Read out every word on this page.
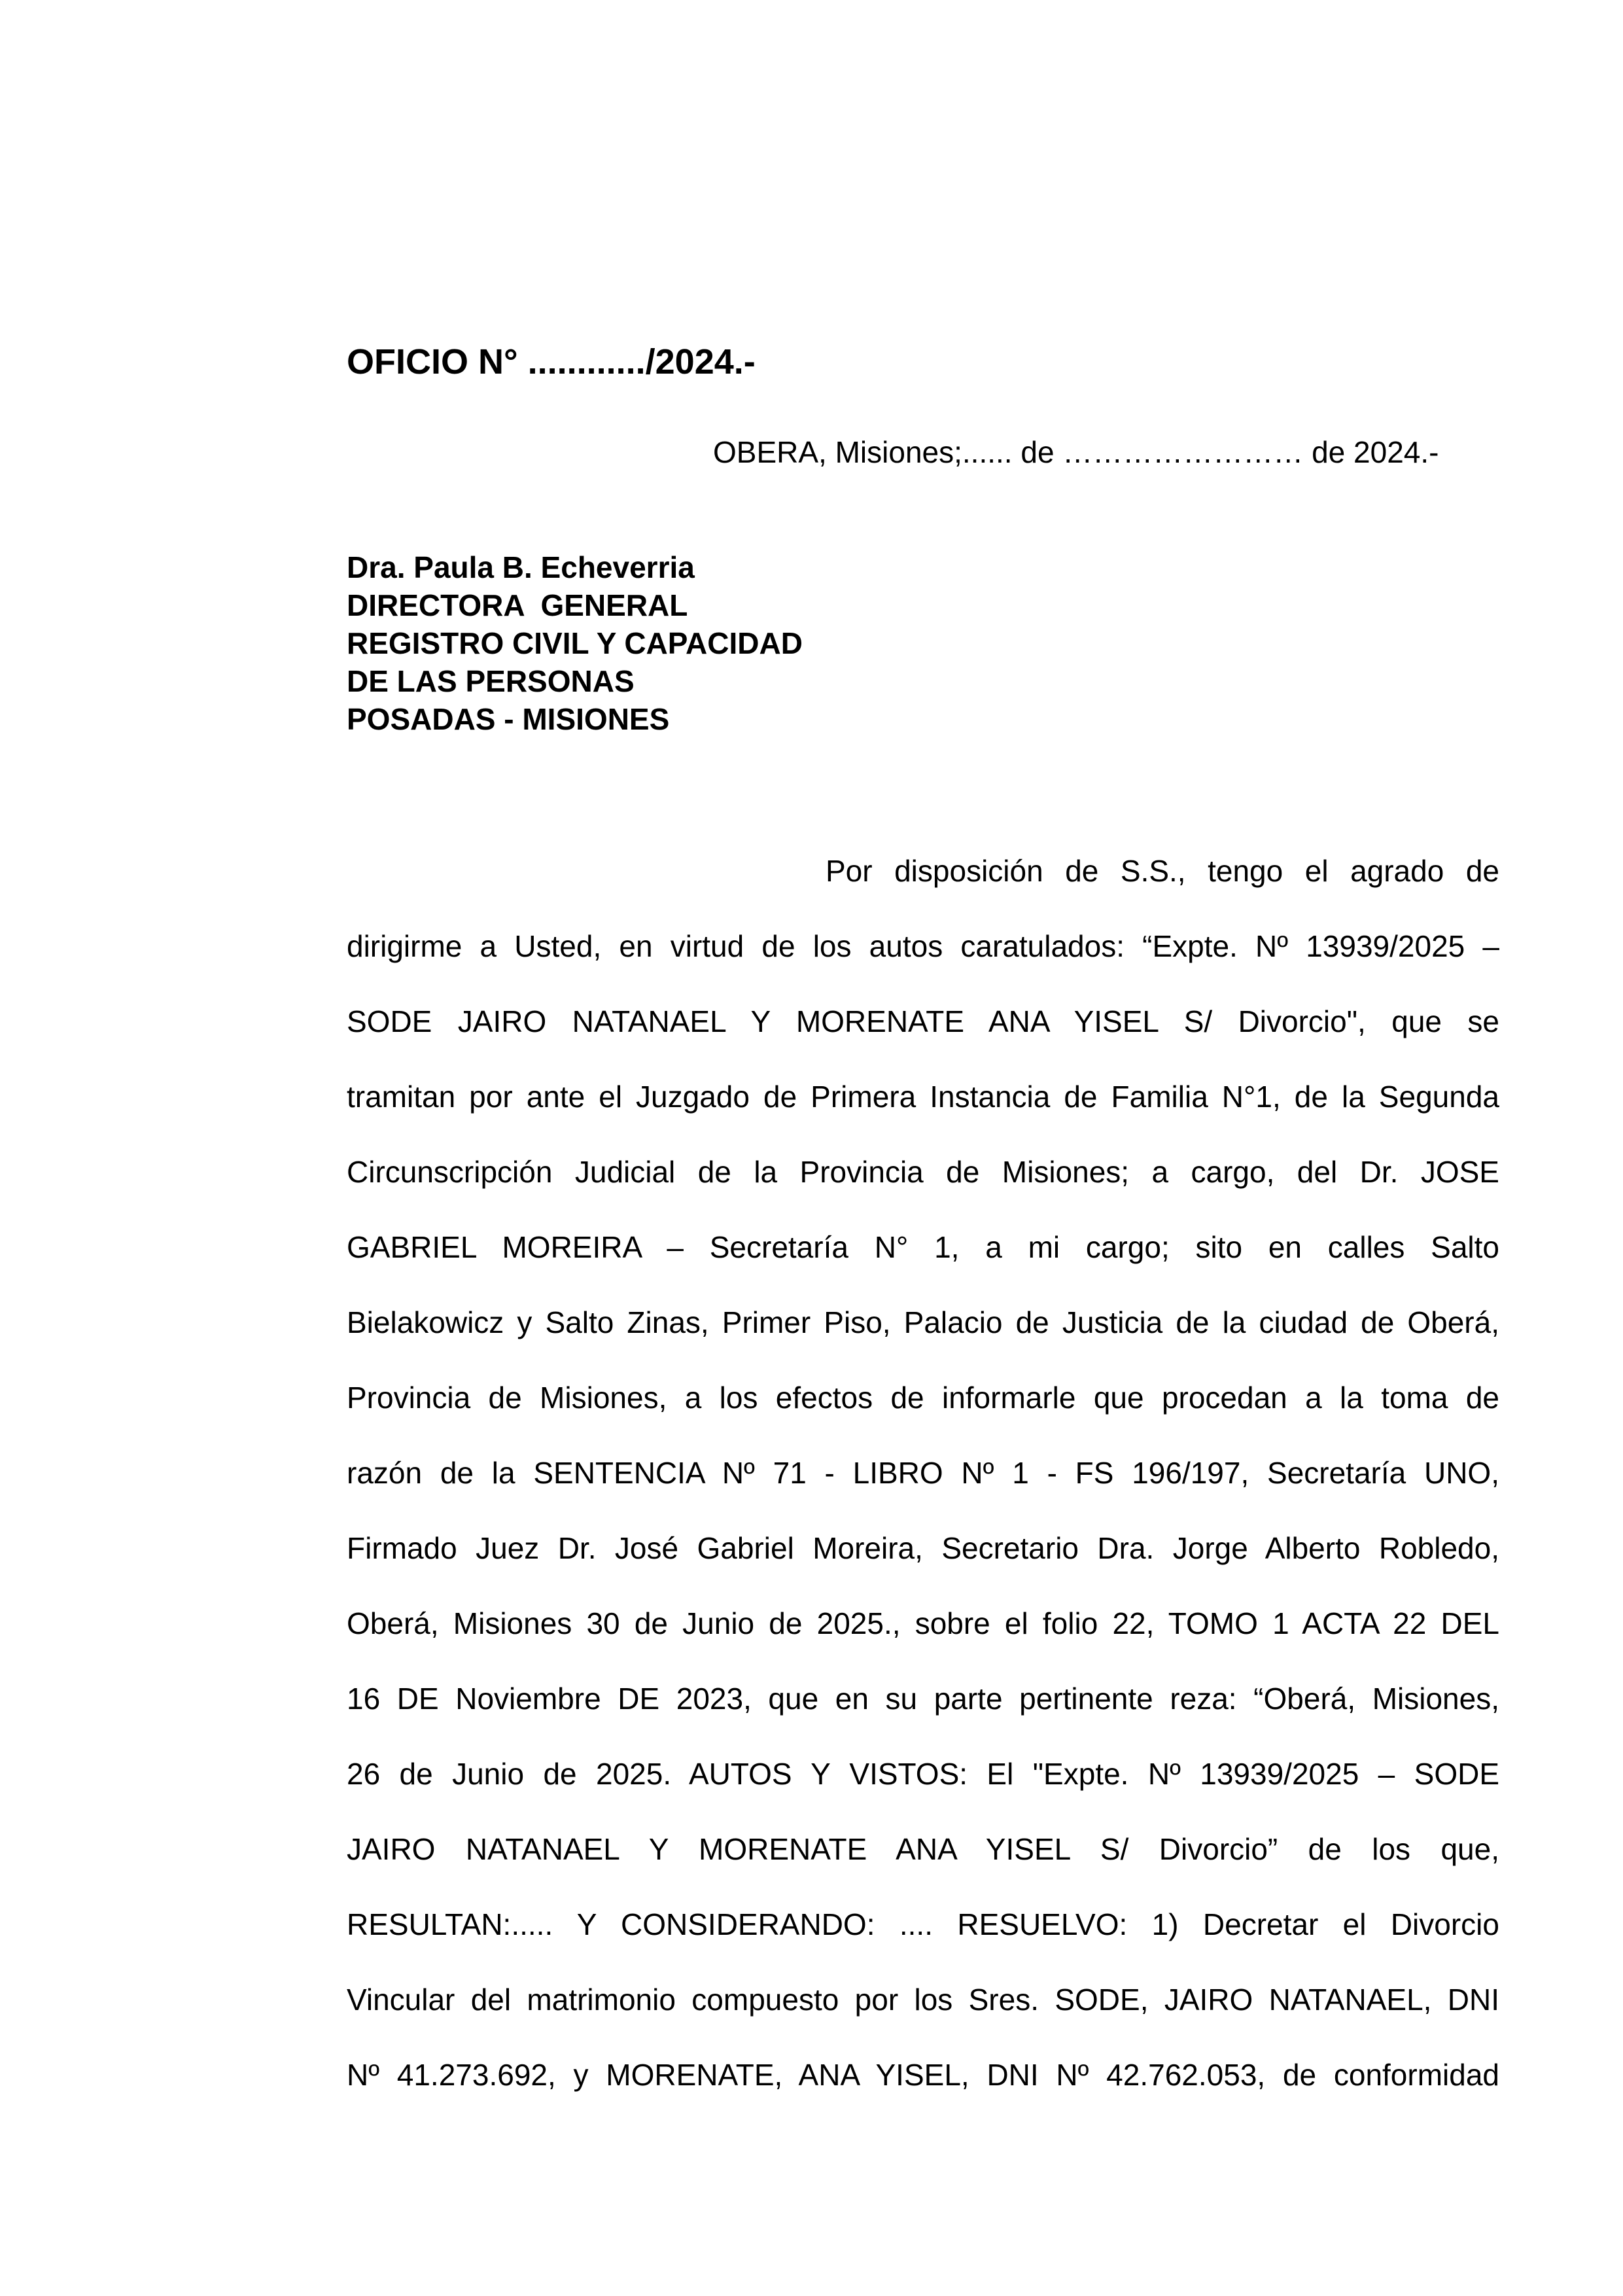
OFICIO N° ............/2024.-
OBERA, Misiones;...... de …………………… de 2024.-
Dra. Paula B. Echeverria
DIRECTORA  GENERAL
REGISTRO CIVIL Y CAPACIDAD
DE LAS PERSONAS
POSADAS - MISIONES
Por disposición de S.S., tengo el agrado de
dirigirme a Usted, en virtud de los autos caratulados: “Expte. Nº 13939/2025 –
SODE JAIRO NATANAEL Y MORENATE ANA YISEL S/ Divorcio", que se
tramitan por ante el Juzgado de Primera Instancia de Familia N°1, de la Segunda
Circunscripción Judicial de la Provincia de Misiones; a cargo, del Dr. JOSE
GABRIEL MOREIRA – Secretaría N° 1, a mi cargo; sito en calles Salto
Bielakowicz y Salto Zinas, Primer Piso, Palacio de Justicia de la ciudad de Oberá,
Provincia de Misiones, a los efectos de informarle que procedan a la toma de
razón de la SENTENCIA Nº 71 - LIBRO Nº 1 - FS 196/197, Secretaría UNO,
Firmado Juez Dr. José Gabriel Moreira, Secretario Dra. Jorge Alberto Robledo,
Oberá, Misiones 30 de Junio de 2025., sobre el folio 22, TOMO 1 ACTA 22 DEL
16 DE Noviembre DE 2023, que en su parte pertinente reza: “Oberá, Misiones,
26 de Junio de 2025. AUTOS Y VISTOS: El "Expte. Nº 13939/2025 – SODE
JAIRO NATANAEL Y MORENATE ANA YISEL S/ Divorcio” de los que,
RESULTAN:..... Y CONSIDERANDO: .... RESUELVO: 1) Decretar el Divorcio
Vincular del matrimonio compuesto por los Sres. SODE, JAIRO NATANAEL, DNI
Nº 41.273.692, y MORENATE, ANA YISEL, DNI Nº 42.762.053, de conformidad
